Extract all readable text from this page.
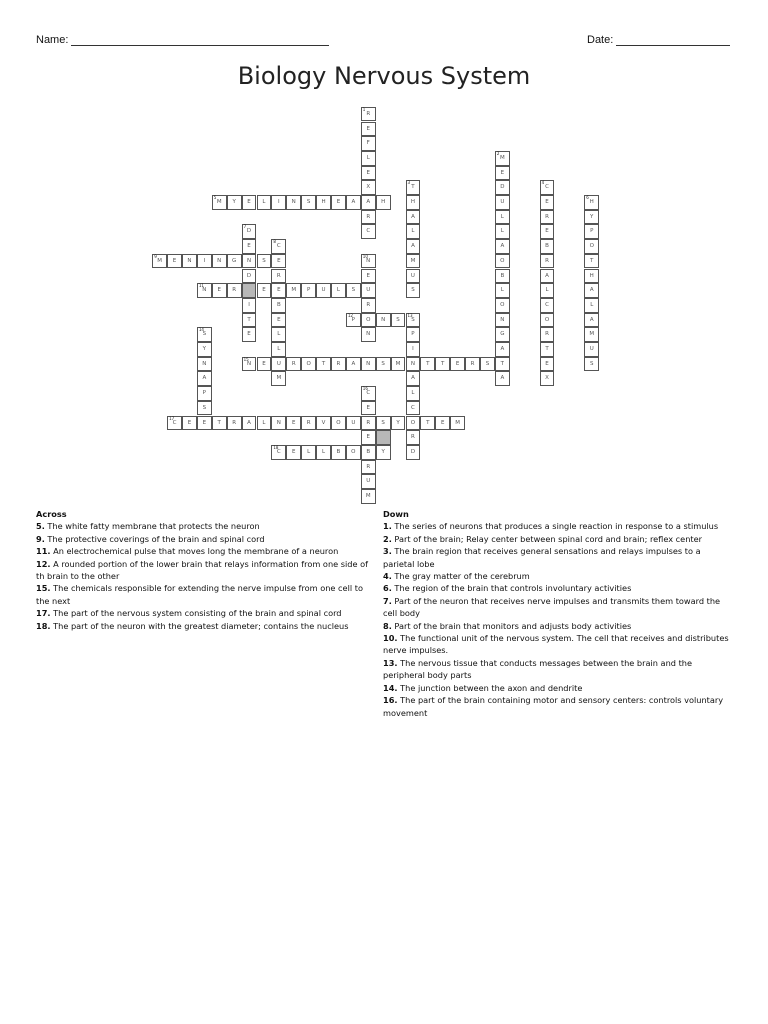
Name:	Date:
Biology Nervous System
1
R
E
F
L
E
X
A
R
C
2
M
E
D
U
L
L
A
O
B
L
O
N
G
A
T
A
3
T
H
A
L
A
M
U
S
4
C
E
R
E
B
R
A
L
C
O
R
T
E
X
5
M	Y	E	L	I	N	S	H	E	A	H
6
H
Y
P
O
T
H
A
L
A
M
U
S
7
D
E
N
D
I
T
E
8
C
E
R
E
B
E
L
L
U
M
9
M	E	N	I	N	G	S
10
N
E
U
R
O
N
11
N	E	R	E	M	P	U	L	S
12
P	N	S
13
S
P
I
N
A
L
C
O
R
D
14
S
Y
N
A
P
S
E
15
N	E	R	O	T	R	A	N	S	M	T	T	E	R	S
16
C
E
R
E
B
R
U
M
17
C	E	T	R	A	L	N	E	R	V	O	U	S	Y	T	E	M
18
C	E	L	L	B	O	Y
Across
5. The white fatty membrane that protects the neuron
9. The protective coverings of the brain and spinal cord
11. An electrochemical pulse that moves long the membrane of a neuron
12. A rounded portion of the lower brain that relays information from one side of th brain to the other
15. The chemicals responsible for extending the nerve impulse from one cell to the next
17. The part of the nervous system consisting of the brain and spinal cord
18. The part of the neuron with the greatest diameter; contains the nucleus
Down
1. The series of neurons that produces a single reaction in response to a stimulus
2. Part of the brain; Relay center between spinal cord and brain; reflex center
3. The brain region that receives general sensations and relays impulses to a parietal lobe
4. The gray matter of the cerebrum
6. The region of the brain that controls involuntary activities
7. Part of the neuron that receives nerve impulses and transmits them toward the cell body
8. Part of the brain that monitors and adjusts body activities
10. The functional unit of the nervous system. The cell that receives and distributes nerve impulses.
13. The nervous tissue that conducts messages between the brain and the peripheral body parts
14. The junction between the axon and dendrite
16. The part of the brain containing motor and sensory centers: controls voluntary movement
